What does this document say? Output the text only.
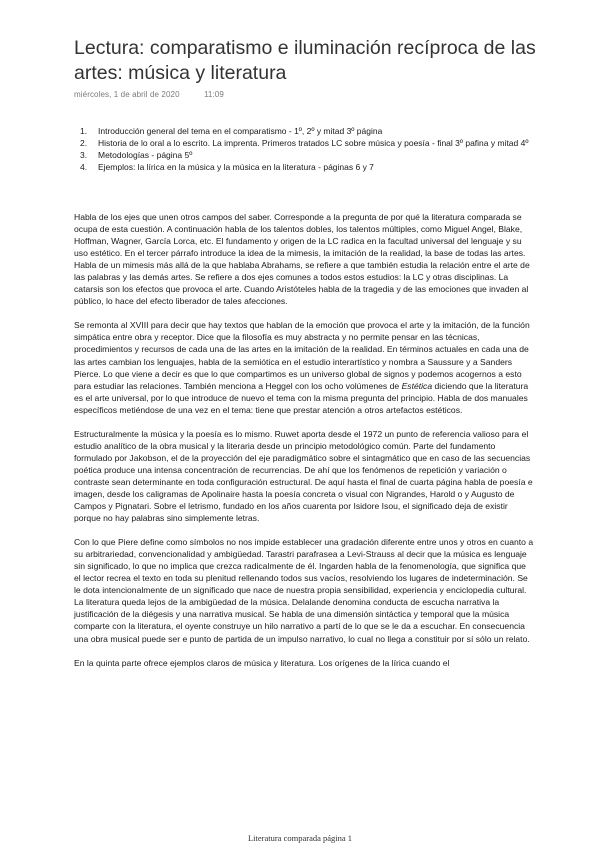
Lectura: comparatismo e iluminación recíproca de las artes: música y literatura
miércoles, 1 de abril de 2020	11:09
1. Introducción general del tema en el comparatismo - 1º, 2º y mitad 3º página
2. Historia de lo oral a lo escrito. La imprenta. Primeros tratados LC sobre música y poesía - final 3º pafina y mitad 4º
3. Metodologías - página 5º
4. Ejemplos: la lírica en la música y la música en la literatura - páginas 6 y 7

Habla de los ejes que unen otros campos del saber. Corresponde a la pregunta de por qué la literatura comparada se ocupa de esta cuestión. A continuación habla de los talentos dobles, los talentos múltiples, como Miguel Angel, Blake, Hoffman, Wagner, García Lorca, etc. El fundamento y origen de la LC radica en la facultad universal del lenguaje y su uso estético. En el tercer párrafo introduce la idea de la mimesis, la imitación de la realidad, la base de todas las artes. Habla de un mimesis más allá de la que hablaba Abrahams, se refiere a que también estudia la relación entre el arte de las palabras y las demás artes. Se refiere a dos ejes comunes a todos estos estudios: la LC y otras disciplinas. La catarsis son los efectos que provoca el arte. Cuando Aristóteles habla de la tragedia y de las emociones que invaden al público, lo hace del efecto liberador de tales afecciones.

Se remonta al XVIII para decir que hay textos que hablan de la emoción que provoca el arte y la imitación, de la función simpática entre obra y receptor. Dice que la filosofía es muy abstracta y no permite pensar en las técnicas, procedimientos y recursos de cada una de las artes en la imitación de la realidad. En términos actuales en cada una de las artes cambian los lenguajes, habla de la semiótica en el estudio interartístico y nombra a Saussure y a Sanders Pierce. Lo que viene a decir es que lo que compartimos es un universo global de signos y podemos acogernos a esto para estudiar las relaciones. También menciona a Heggel con los ocho volúmenes de Estética diciendo que la literatura es el arte universal, por lo que introduce de nuevo el tema con la misma pregunta del principio. Habla de dos manuales específicos metiéndose de una vez en el tema: tiene que prestar atención a otros artefactos estéticos.

Estructuralmente la música y la poesía es lo mismo. Ruwet aporta desde el 1972 un punto de referencia valioso para el estudio analítico de la obra musical y la literaria desde un principio metodológico común. Parte del fundamento formulado por Jakobson, el de la proyección del eje paradigmático sobre el sintagmático que en caso de las secuencias poética produce una intensa concentración de recurrencias. De ahí que los fenómenos de repetición y variación o contraste sean determinante en toda configuración estructural. De aquí hasta el final de cuarta página habla de poesía e imagen, desde los caligramas de Apolinaire hasta la poesía concreta o visual con Nigrandes, Harold o y Augusto de Campos y Pignatari. Sobre el letrismo, fundado en los años cuarenta por Isidore Isou, el significado deja de existir porque no hay palabras sino simplemente letras.

Con lo que Piere define como símbolos no nos impide establecer una gradación diferente entre unos y otros en cuanto a su arbitrariedad, convencionalidad y ambigüedad. Tarastri parafrasea a Levi-Strauss al decir que la música es lenguaje sin significado, lo que no implica que crezca radicalmente de él. Ingarden habla de la fenomenología, que significa que el lector recrea el texto en toda su plenitud rellenando todos sus vacíos, resolviendo los lugares de indeterminación. Se le dota intencionalmente de un significado que nace de nuestra propia sensibilidad, experiencia y enciclopedia cultural. La literatura queda lejos de la ambigüedad de la música. Delalande denomina conducta de escucha narrativa la justificación de la diégesis y una narrativa musical. Se habla de una dimensión sintáctica y temporal que la música comparte con la literatura, el oyente construye un hilo narrativo a partí de lo que se le da a escuchar. En consecuencia una obra musical puede ser e punto de partida de un impulso narrativo, lo cual no llega a constituir por sí sólo un relato.

En la quinta parte ofrece ejemplos claros de música y literatura. Los orígenes de la lírica cuando el

Literatura comparada página 1
